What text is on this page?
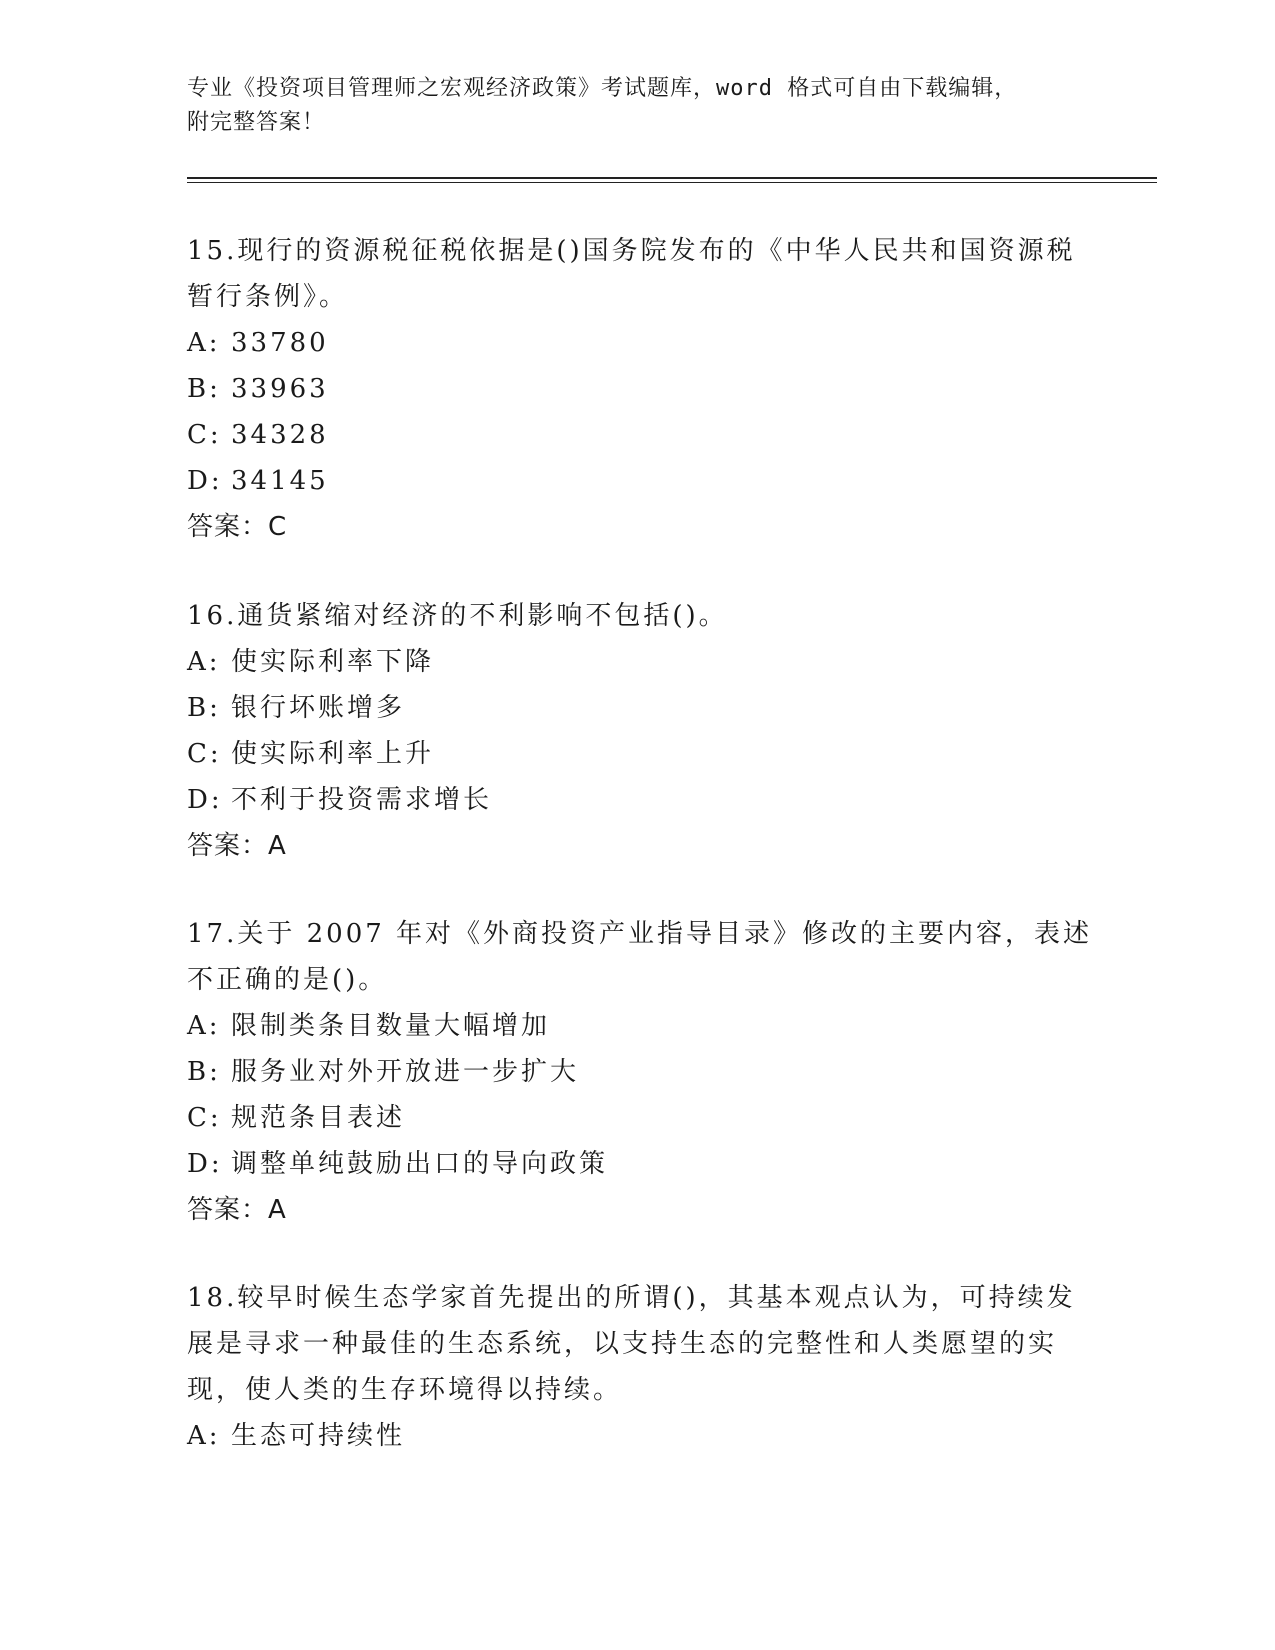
专业《投资项目管理师之宏观经济政策》考试题库，word 格式可自由下载编辑，
附完整答案！
15.现行的资源税征税依据是()国务院发布的《中华人民共和国资源税
暂行条例》。
A: 33780
B: 33963
C: 34328
D: 34145
答案：C
16.通货紧缩对经济的不利影响不包括()。
A: 使实际利率下降
B: 银行坏账增多
C: 使实际利率上升
D: 不利于投资需求增长
答案：A
17.关于 2007 年对《外商投资产业指导目录》修改的主要内容，表述
不正确的是()。
A: 限制类条目数量大幅增加
B: 服务业对外开放进一步扩大
C: 规范条目表述
D: 调整单纯鼓励出口的导向政策
答案：A
18.较早时候生态学家首先提出的所谓()，其基本观点认为，可持续发
展是寻求一种最佳的生态系统，以支持生态的完整性和人类愿望的实
现，使人类的生存环境得以持续。
A: 生态可持续性
